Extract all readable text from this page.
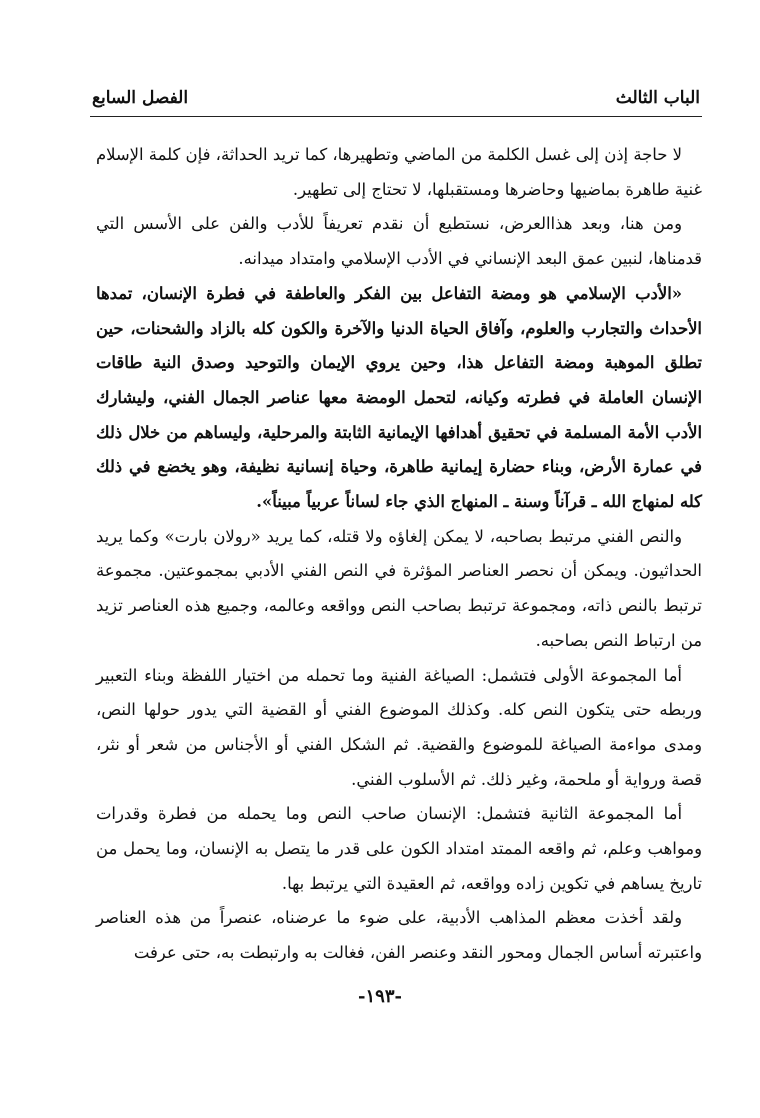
الباب الثالث
الفصل السابع

لا حاجة إذن إلى غسل الكلمة من الماضي وتطهيرها، كما تريد الحداثة، فإن كلمة الإسلام غنية طاهرة بماضيها وحاضرها ومستقبلها، لا تحتاج إلى تطهير.

ومن هنا، وبعد هذاالعرض، نستطيع أن نقدم تعريفاً للأدب والفن على الأسس التي قدمناها، لنبين عمق البعد الإنساني في الأدب الإسلامي وامتداد ميدانه.

«الأدب الإسلامي هو ومضة التفاعل بين الفكر والعاطفة في فطرة الإنسان، تمدها الأحداث والتجارب والعلوم، وآفاق الحياة الدنيا والآخرة والكون كله بالزاد والشحنات، حين تطلق الموهبة ومضة التفاعل هذا، وحين يروي الإيمان والتوحيد وصدق النية طاقات الإنسان العاملة في فطرته وكيانه، لتحمل الومضة معها عناصر الجمال الفني، وليشارك الأدب الأمة المسلمة في تحقيق أهدافها الإيمانية الثابتة والمرحلية، وليساهم من خلال ذلك في عمارة الأرض، وبناء حضارة إيمانية طاهرة، وحياة إنسانية نظيفة، وهو يخضع في ذلك كله لمنهاج الله ـ قرآناً وسنة ـ المنهاج الذي جاء لساناً عربياً مبيناً».

والنص الفني مرتبط بصاحبه، لا يمكن إلغاؤه ولا قتله، كما يريد «رولان بارت» وكما يريد الحداثيون. ويمكن أن نحصر العناصر المؤثرة في النص الفني الأدبي بمجموعتين. مجموعة ترتبط بالنص ذاته، ومجموعة ترتبط بصاحب النص وواقعه وعالمه، وجميع هذه العناصر تزيد من ارتباط النص بصاحبه.

أما المجموعة الأولى فتشمل: الصياغة الفنية وما تحمله من اختيار اللفظة وبناء التعبير وربطه حتى يتكون النص كله. وكذلك الموضوع الفني أو القضية التي يدور حولها النص، ومدى مواءمة الصياغة للموضوع والقضية. ثم الشكل الفني أو الأجناس من شعر أو نثر، قصة ورواية أو ملحمة، وغير ذلك. ثم الأسلوب الفني.

أما المجموعة الثانية فتشمل: الإنسان صاحب النص وما يحمله من فطرة وقدرات ومواهب وعلم، ثم واقعه الممتد امتداد الكون على قدر ما يتصل به الإنسان، وما يحمل من تاريخ يساهم في تكوين زاده وواقعه، ثم العقيدة التي يرتبط بها.

ولقد أخذت معظم المذاهب الأدبية، على ضوء ما عرضناه، عنصراً من هذه العناصر واعتبرته أساس الجمال ومحور النقد وعنصر الفن، فغالت به وارتبطت به، حتى عرفت

-١٩٣-
